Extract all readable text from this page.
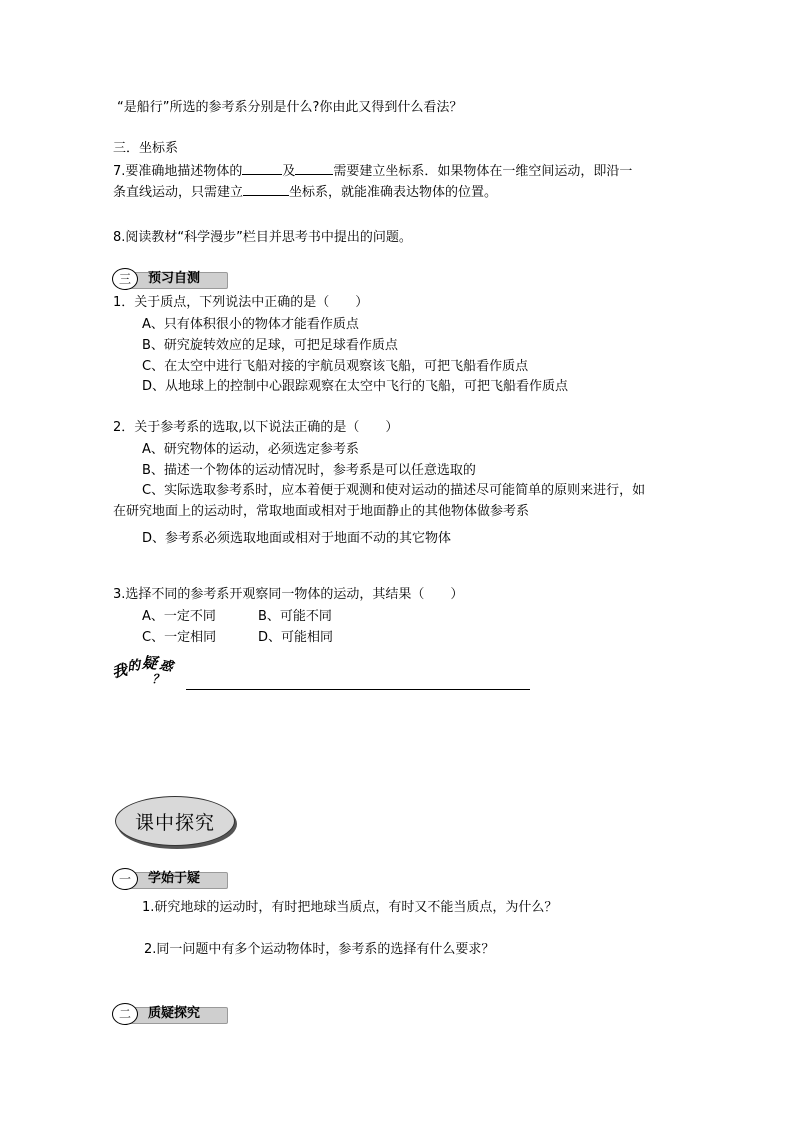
“是船行”所选的参考系分别是什么?你由此又得到什么看法？
三．坐标系
7.要准确地描述物体的	及	需要建立坐标系．如果物体在一维空间运动，即沿一
条直线运动，只需建立	坐标系，就能准确表达物体的位置。
8.阅读教材“科学漫步”栏目并思考书中提出的问题。
三	预习自测
1．关于质点，下列说法中正确的是（　　）
A、只有体积很小的物体才能看作质点
B、研究旋转效应的足球，可把足球看作质点
C、在太空中进行飞船对接的宇航员观察该飞船，可把飞船看作质点
D、从地球上的控制中心跟踪观察在太空中飞行的飞船，可把飞船看作质点
2．关于参考系的选取,以下说法正确的是（　　）
A、研究物体的运动，必须选定参考系
B、描述一个物体的运动情况时，参考系是可以任意选取的
C、实际选取参考系时，应本着便于观测和使对运动的描述尽可能简单的原则来进行，如
在研究地面上的运动时，常取地面或相对于地面静止的其他物体做参考系
D、参考系必须选取地面或相对于地面不动的其它物体
3.选择不同的参考系开观察同一物体的运动，其结果（　　）
A、一定不同	B、可能不同
C、一定相同	D、可能相同
我
的 疑 惑
？
课中探究
一	学始于疑
1.研究地球的运动时，有时把地球当质点，有时又不能当质点，为什么？
2.同一问题中有多个运动物体时，参考系的选择有什么要求？
二	质疑探究
